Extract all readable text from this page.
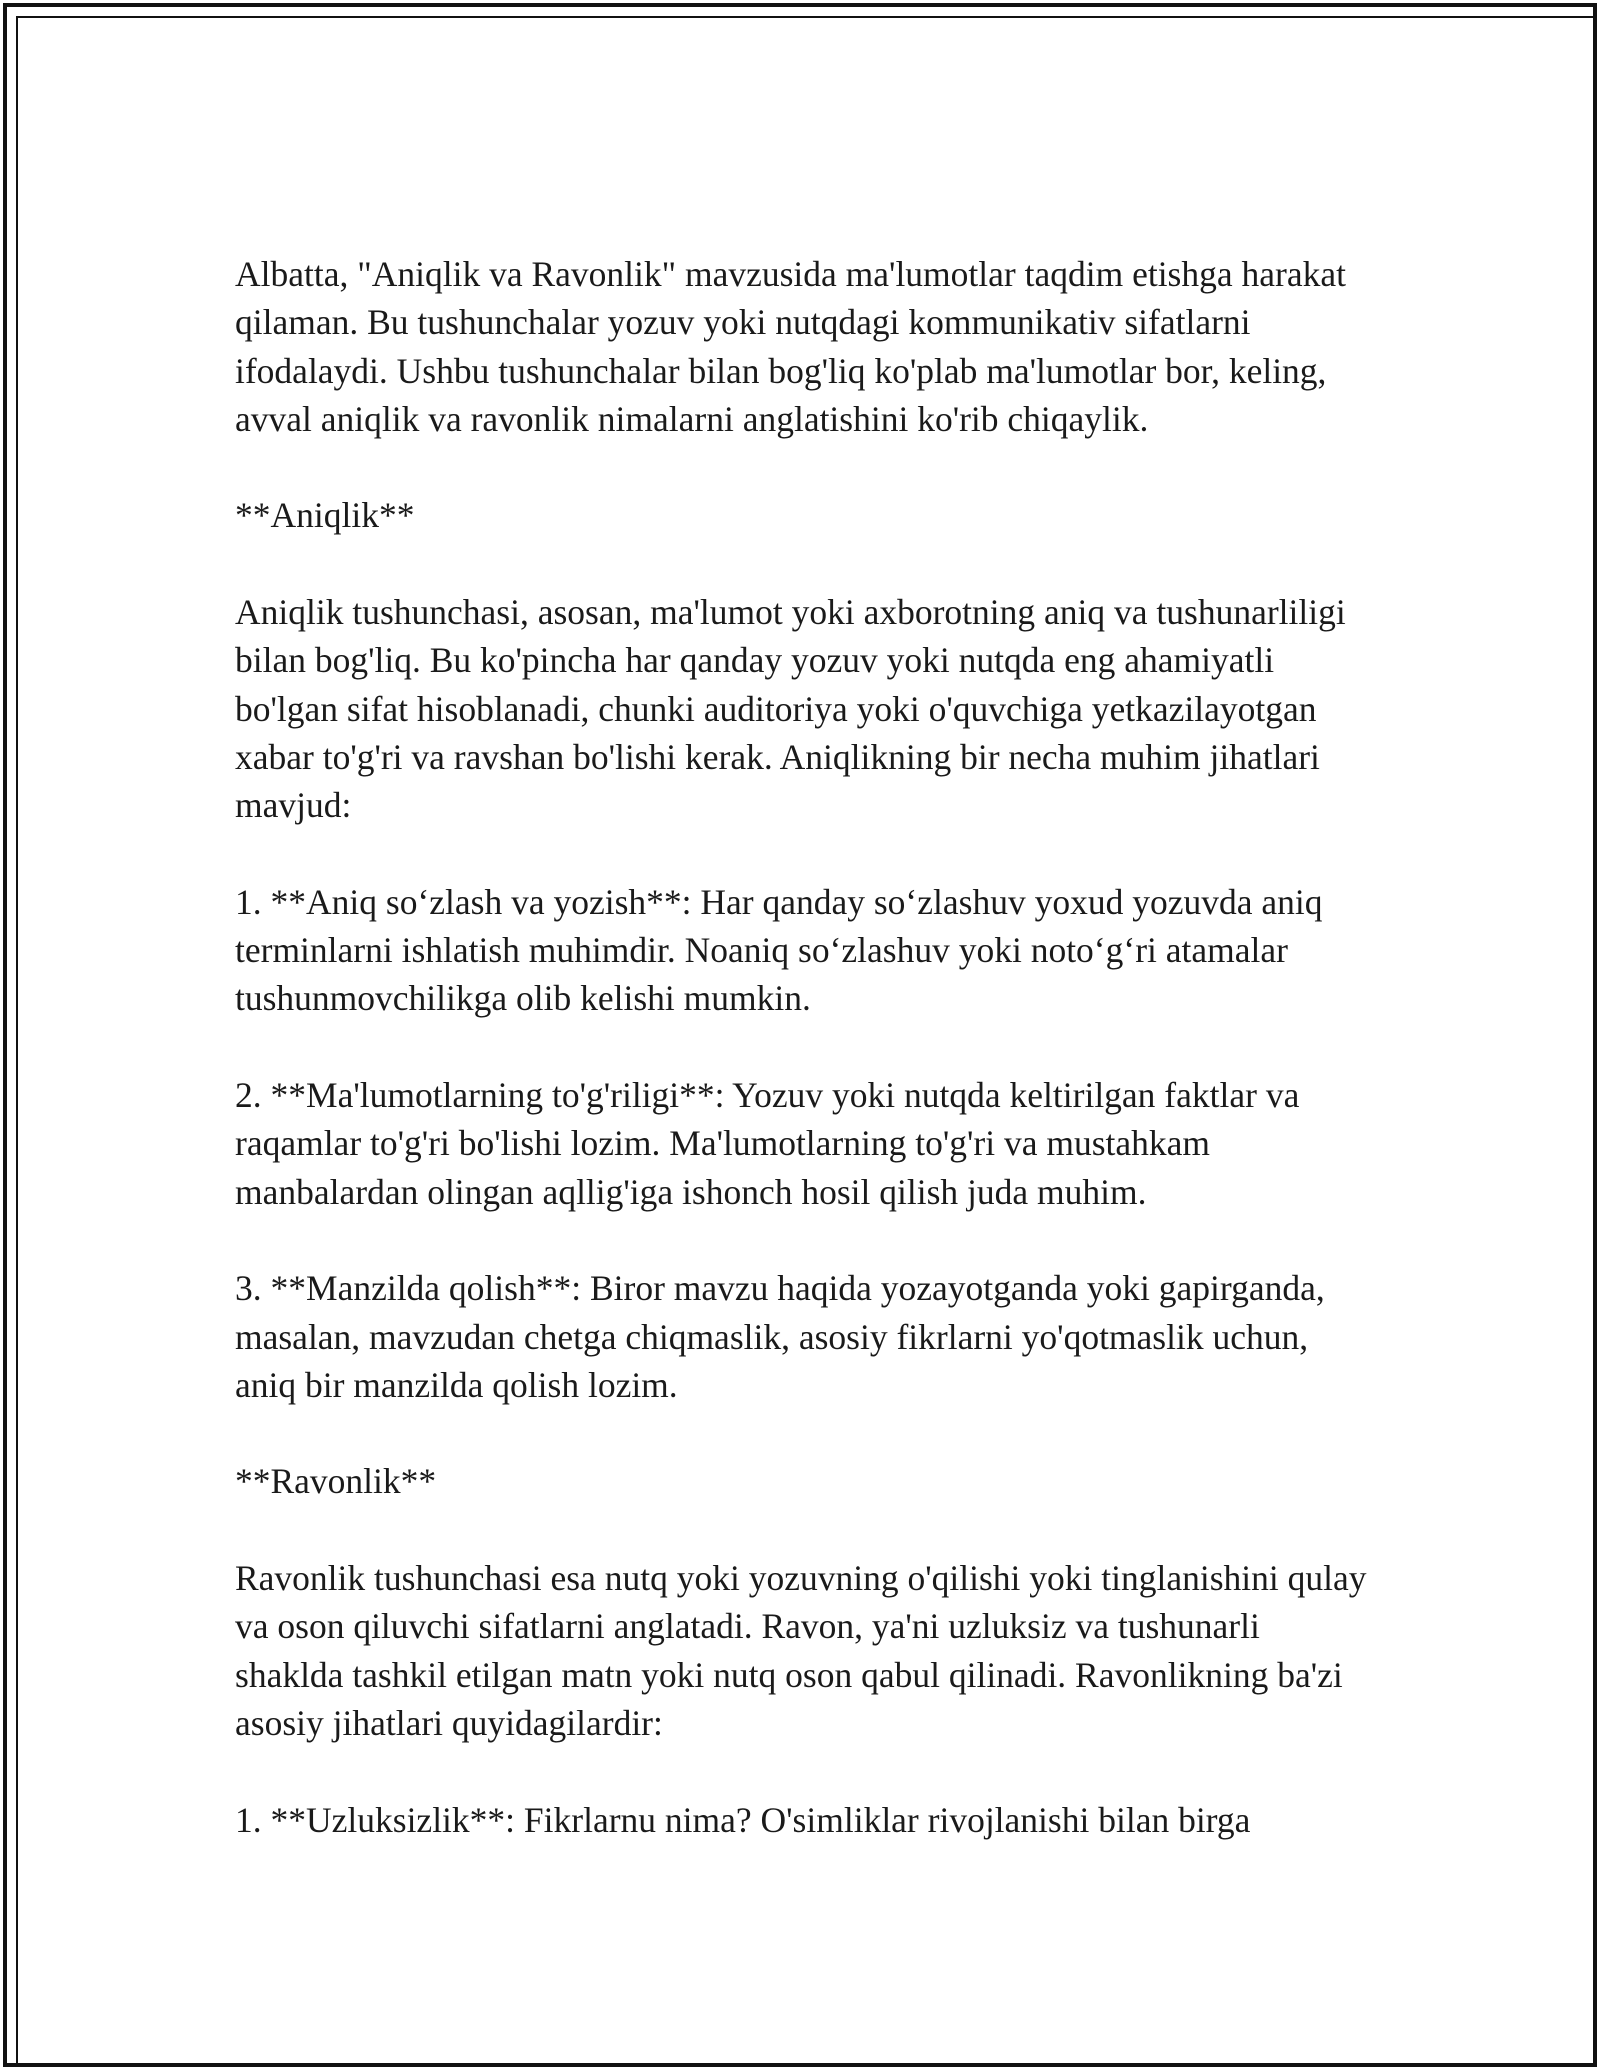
Albatta, "Aniqlik va Ravonlik" mavzusida ma'lumotlar taqdim etishga harakat qilaman. Bu tushunchalar yozuv yoki nutqdagi kommunikativ sifatlarni ifodalaydi. Ushbu tushunchalar bilan bog'liq ko'plab ma'lumotlar bor, keling, avval aniqlik va ravonlik nimalarni anglatishini ko'rib chiqaylik.

**Aniqlik**

Aniqlik tushunchasi, asosan, ma'lumot yoki axborotning aniq va tushunarliligi bilan bog'liq. Bu ko'pincha har qanday yozuv yoki nutqda eng ahamiyatli bo'lgan sifat hisoblanadi, chunki auditoriya yoki o'quvchiga yetkazilayotgan xabar to'g'ri va ravshan bo'lishi kerak. Aniqlikning bir necha muhim jihatlari mavjud:

1. **Aniq so‘zlash va yozish**: Har qanday so‘zlashuv yoxud yozuvda aniq terminlarni ishlatish muhimdir. Noaniq so‘zlashuv yoki noto‘g‘ri atamalar tushunmovchilikga olib kelishi mumkin.

2. **Ma'lumotlarning to'g'riligi**: Yozuv yoki nutqda keltirilgan faktlar va raqamlar to'g'ri bo'lishi lozim. Ma'lumotlarning to'g'ri va mustahkam manbalardan olingan aqllig'iga ishonch hosil qilish juda muhim.

3. **Manzilda qolish**: Biror mavzu haqida yozayotganda yoki gapirganda, masalan, mavzudan chetga chiqmaslik, asosiy fikrlarni yo'qotmaslik uchun, aniq bir manzilda qolish lozim.

**Ravonlik**

Ravonlik tushunchasi esa nutq yoki yozuvning o'qilishi yoki tinglanishini qulay va oson qiluvchi sifatlarni anglatadi. Ravon, ya'ni uzluksiz va tushunarli shaklda tashkil etilgan matn yoki nutq oson qabul qilinadi. Ravonlikning ba'zi asosiy jihatlari quyidagilardir:

1. **Uzluksizlik**: Fikrlarnu nima? O'simliklar rivojlanishi bilan birga
